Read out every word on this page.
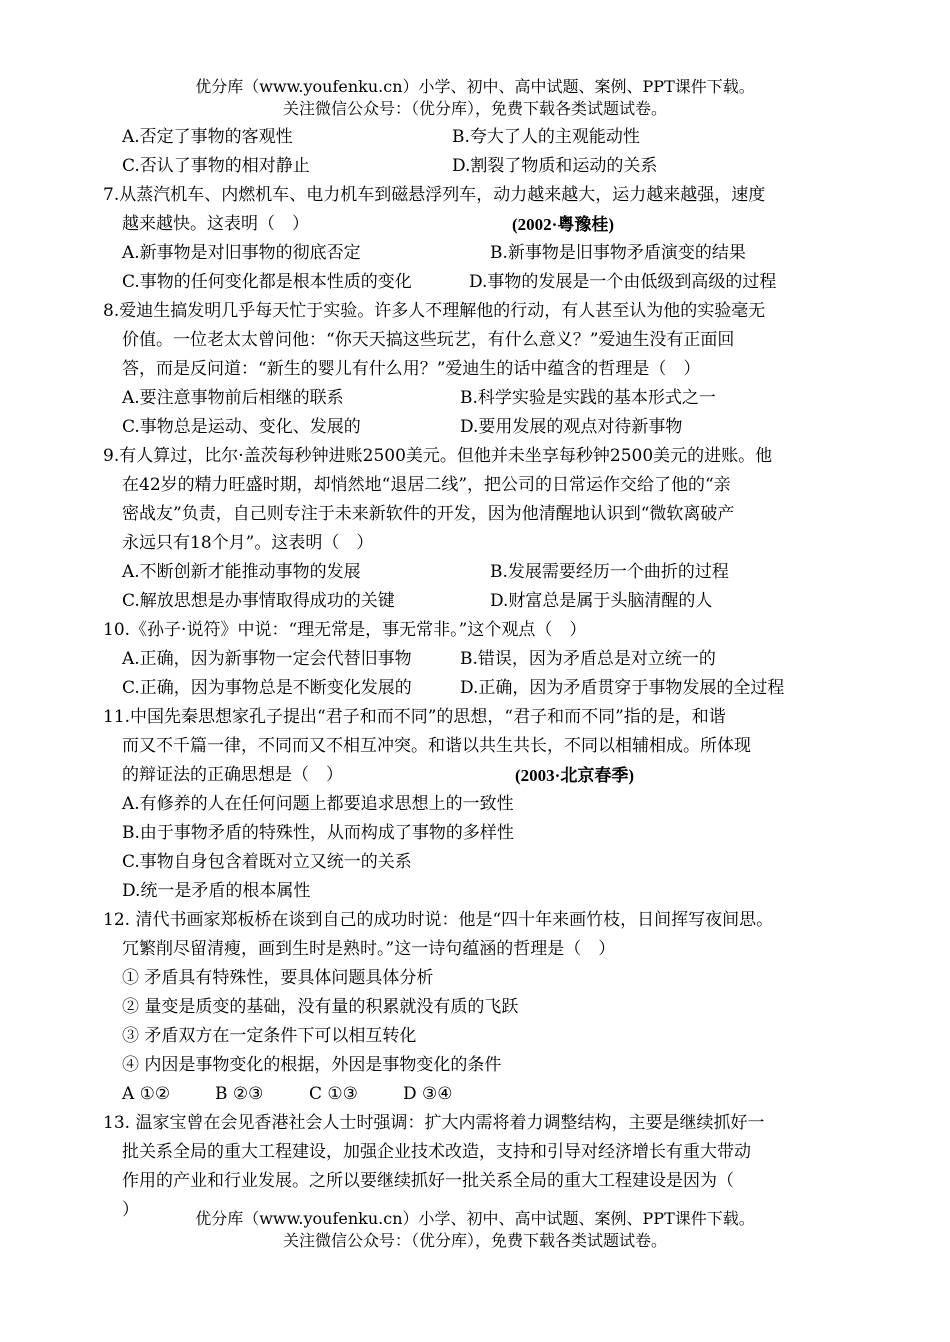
优分库（www.youfenku.cn）小学、初中、高中试题、案例、PPT课件下载。
关注微信公众号：（优分库），免费下载各类试题试卷。
A.否定了事物的客观性	B.夸大了人的主观能动性
C.否认了事物的相对静止	D.割裂了物质和运动的关系
7.从蒸汽机车、内燃机车、电力机车到磁悬浮列车，动力越来越大，运力越来越强，速度
越来越快。这表明（　）	(2002·粤豫桂)
A.新事物是对旧事物的彻底否定	B.新事物是旧事物矛盾演变的结果
C.事物的任何变化都是根本性质的变化	D.事物的发展是一个由低级到高级的过程
8.爱迪生搞发明几乎每天忙于实验。许多人不理解他的行动，有人甚至认为他的实验毫无
价值。一位老太太曾问他：“你天天搞这些玩艺，有什么意义？”爱迪生没有正面回
答，而是反问道：“新生的婴儿有什么用？”爱迪生的话中蕴含的哲理是（　）
A.要注意事物前后相继的联系	B.科学实验是实践的基本形式之一
C.事物总是运动、变化、发展的	D.要用发展的观点对待新事物
9.有人算过，比尔·盖茨每秒钟进账2500美元。但他并未坐享每秒钟2500美元的进账。他
在42岁的精力旺盛时期，却悄然地“退居二线”，把公司的日常运作交给了他的“亲
密战友”负责，自己则专注于未来新软件的开发，因为他清醒地认识到“微软离破产
永远只有18个月”。这表明（　）
A.不断创新才能推动事物的发展	B.发展需要经历一个曲折的过程
C.解放思想是办事情取得成功的关键	D.财富总是属于头脑清醒的人
10.《孙子·说符》中说：“理无常是，事无常非。”这个观点（　）
A.正确，因为新事物一定会代替旧事物	B.错误，因为矛盾总是对立统一的
C.正确，因为事物总是不断变化发展的	D.正确，因为矛盾贯穿于事物发展的全过程
11.中国先秦思想家孔子提出“君子和而不同”的思想，“君子和而不同”指的是，和谐
而又不千篇一律，不同而又不相互冲突。和谐以共生共长，不同以相辅相成。所体现
的辩证法的正确思想是（　）	(2003·北京春季)
A.有修养的人在任何问题上都要追求思想上的一致性
B.由于事物矛盾的特殊性，从而构成了事物的多样性
C.事物自身包含着既对立又统一的关系
D.统一是矛盾的根本属性
12. 清代书画家郑板桥在谈到自己的成功时说：他是“四十年来画竹枝，日间挥写夜间思。
冗繁削尽留清瘦，画到生时是熟时。”这一诗句蕴涵的哲理是（　）
① 矛盾具有特殊性，要具体问题具体分析
② 量变是质变的基础，没有量的积累就没有质的飞跃
③ 矛盾双方在一定条件下可以相互转化
④ 内因是事物变化的根据，外因是事物变化的条件
A ①②	B ②③	C ①③	D ③④
13. 温家宝曾在会见香港社会人士时强调：扩大内需将着力调整结构，主要是继续抓好一
批关系全局的重大工程建设，加强企业技术改造，支持和引导对经济增长有重大带动
作用的产业和行业发展。之所以要继续抓好一批关系全局的重大工程建设是因为（
）	优分库（www.youfenku.cn）小学、初中、高中试题、案例、PPT课件下载。
关注微信公众号：（优分库），免费下载各类试题试卷。
